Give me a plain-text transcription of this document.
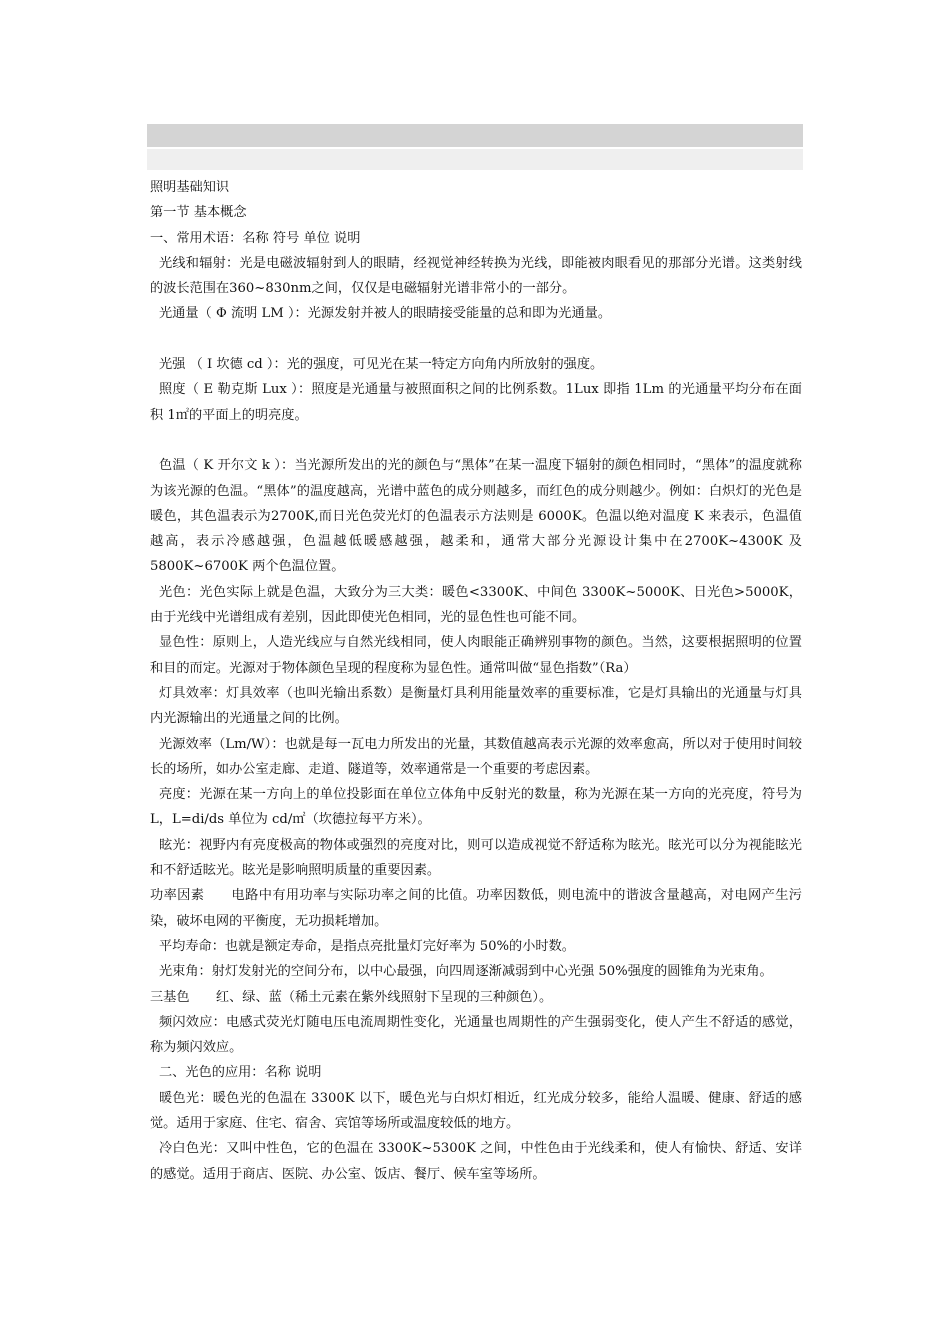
照明基础知识

第一节 基本概念

一、常用术语：名称 符号 单位 说明

光线和辐射：光是电磁波辐射到人的眼睛，经视觉神经转换为光线，即能被肉眼看见的那部分光谱。这类射线的波长范围在360~830nm之间，仅仅是电磁辐射光谱非常小的一部分。

光通量（ Φ 流明 LM ）：光源发射并被人的眼睛接受能量的总和即为光通量。

光强 （ I 坎德 cd ）：光的强度，可见光在某一特定方向角内所放射的强度。

照度（ E 勒克斯 Lux ）：照度是光通量与被照面积之间的比例系数。1Lux 即指 1Lm 的光通量平均分布在面积 1㎡的平面上的明亮度。

色温（ K 开尔文 k ）：当光源所发出的光的颜色与“黑体”在某一温度下辐射的颜色相同时，“黑体”的温度就称为该光源的色温。“黑体”的温度越高，光谱中蓝色的成分则越多，而红色的成分则越少。例如：白炽灯的光色是暖色，其色温表示为2700K,而日光色荧光灯的色温表示方法则是 6000K。色温以绝对温度 K 来表示，色温值越高，表示冷感越强，色温越低暖感越强，越柔和，通常大部分光源设计集中在2700K~4300K 及 5800K~6700K 两个色温位置。

光色：光色实际上就是色温，大致分为三大类：暖色<3300K、中间色 3300K~5000K、日光色>5000K，由于光线中光谱组成有差别，因此即使光色相同，光的显色性也可能不同。

显色性：原则上，人造光线应与自然光线相同，使人肉眼能正确辨别事物的颜色。当然，这要根据照明的位置和目的而定。光源对于物体颜色呈现的程度称为显色性。通常叫做“显色指数”（Ra）

灯具效率：灯具效率（也叫光输出系数）是衡量灯具利用能量效率的重要标准，它是灯具输出的光通量与灯具内光源输出的光通量之间的比例。

光源效率（Lm/W）：也就是每一瓦电力所发出的光量，其数值越高表示光源的效率愈高，所以对于使用时间较长的场所，如办公室走廊、走道、隧道等，效率通常是一个重要的考虑因素。

亮度：光源在某一方向上的单位投影面在单位立体角中反射光的数量，称为光源在某一方向的光亮度，符号为 L，L=di/ds 单位为 cd/㎡（坎德拉每平方米）。

眩光：视野内有亮度极高的物体或强烈的亮度对比，则可以造成视觉不舒适称为眩光。眩光可以分为视能眩光和不舒适眩光。眩光是影响照明质量的重要因素。

功率因素　　电路中有用功率与实际功率之间的比值。功率因数低，则电流中的谐波含量越高，对电网产生污染，破坏电网的平衡度，无功损耗增加。

平均寿命：也就是额定寿命，是指点亮批量灯完好率为 50%的小时数。

光束角：射灯发射光的空间分布，以中心最强，向四周逐渐减弱到中心光强 50%强度的圆锥角为光束角。

三基色　　红、绿、蓝（稀土元素在紫外线照射下呈现的三种颜色）。

频闪效应：电感式荧光灯随电压电流周期性变化，光通量也周期性的产生强弱变化，使人产生不舒适的感觉，称为频闪效应。

二、光色的应用：名称 说明

暖色光：暖色光的色温在 3300K 以下，暖色光与白炽灯相近，红光成分较多，能给人温暖、健康、舒适的感觉。适用于家庭、住宅、宿舍、宾馆等场所或温度较低的地方。

冷白色光：又叫中性色，它的色温在 3300K~5300K 之间，中性色由于光线柔和，使人有愉快、舒适、安详的感觉。适用于商店、医院、办公室、饭店、餐厅、候车室等场所。
